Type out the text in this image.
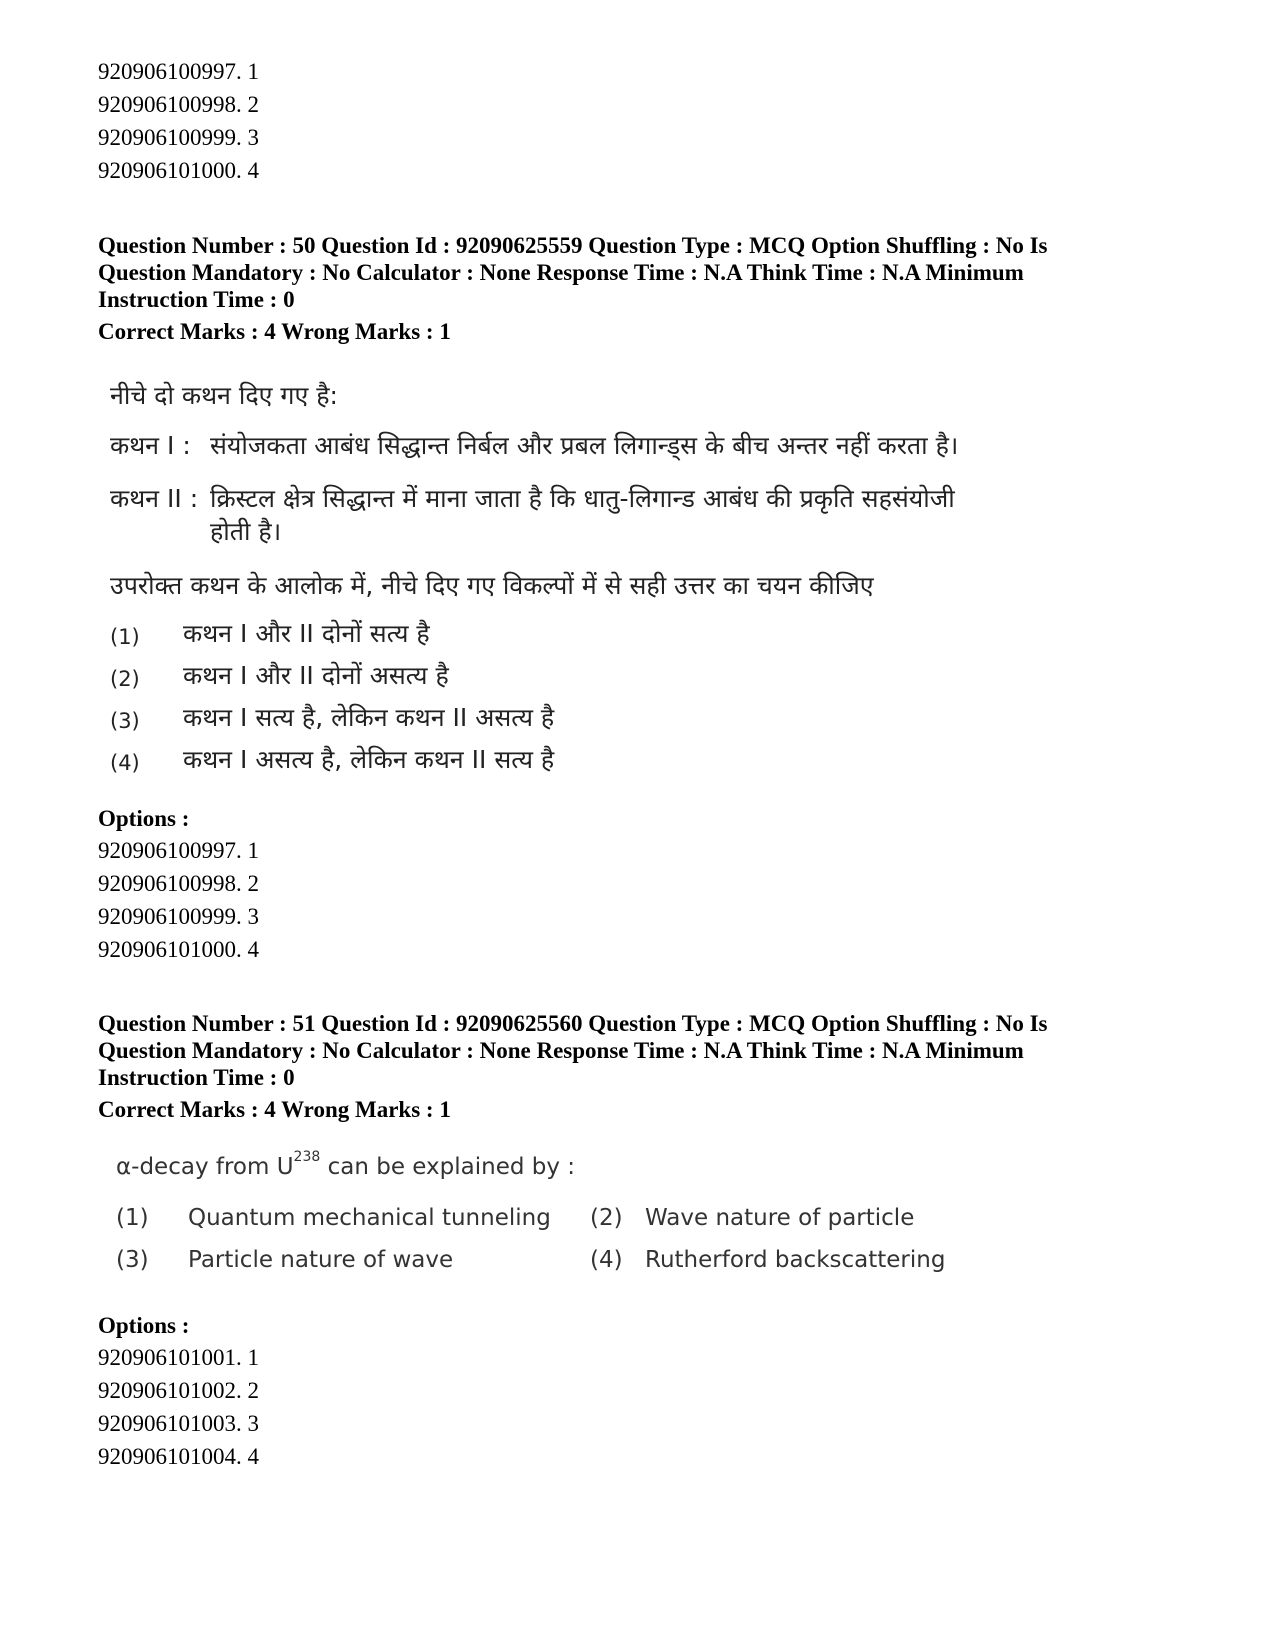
920906100997. 1
920906100998. 2
920906100999. 3
920906101000. 4
Question Number : 50 Question Id : 92090625559 Question Type : MCQ Option Shuffling : No Is
Question Mandatory : No Calculator : None Response Time : N.A Think Time : N.A Minimum
Instruction Time : 0
Correct Marks : 4 Wrong Marks : 1
नीचे दो कथन दिए गए है:
कथन I : संयोजकता आबंध सिद्धान्त निर्बल और प्रबल लिगान्ड्स के बीच अन्तर नहीं करता है।
कथन II : क्रिस्टल क्षेत्र सिद्धान्त में माना जाता है कि धातु-लिगान्ड आबंध की प्रकृति सहसंयोजी
होती है।
उपरोक्त कथन के आलोक में, नीचे दिए गए विकल्पों में से सही उत्तर का चयन कीजिए
(1) कथन I और II दोनों सत्य है
(2) कथन I और II दोनों असत्य है
(3) कथन I सत्य है, लेकिन कथन II असत्य है
(4) कथन I असत्य है, लेकिन कथन II सत्य है
Options :
920906100997. 1
920906100998. 2
920906100999. 3
920906101000. 4
Question Number : 51 Question Id : 92090625560 Question Type : MCQ Option Shuffling : No Is
Question Mandatory : No Calculator : None Response Time : N.A Think Time : N.A Minimum
Instruction Time : 0
Correct Marks : 4 Wrong Marks : 1
α-decay from $U^{238}$ can be explained by :
(1) Quantum mechanical tunneling (2) Wave nature of particle
(3) Particle nature of wave	(4) Rutherford backscattering
Options :
920906101001. 1
920906101002. 2
920906101003. 3
920906101004. 4
